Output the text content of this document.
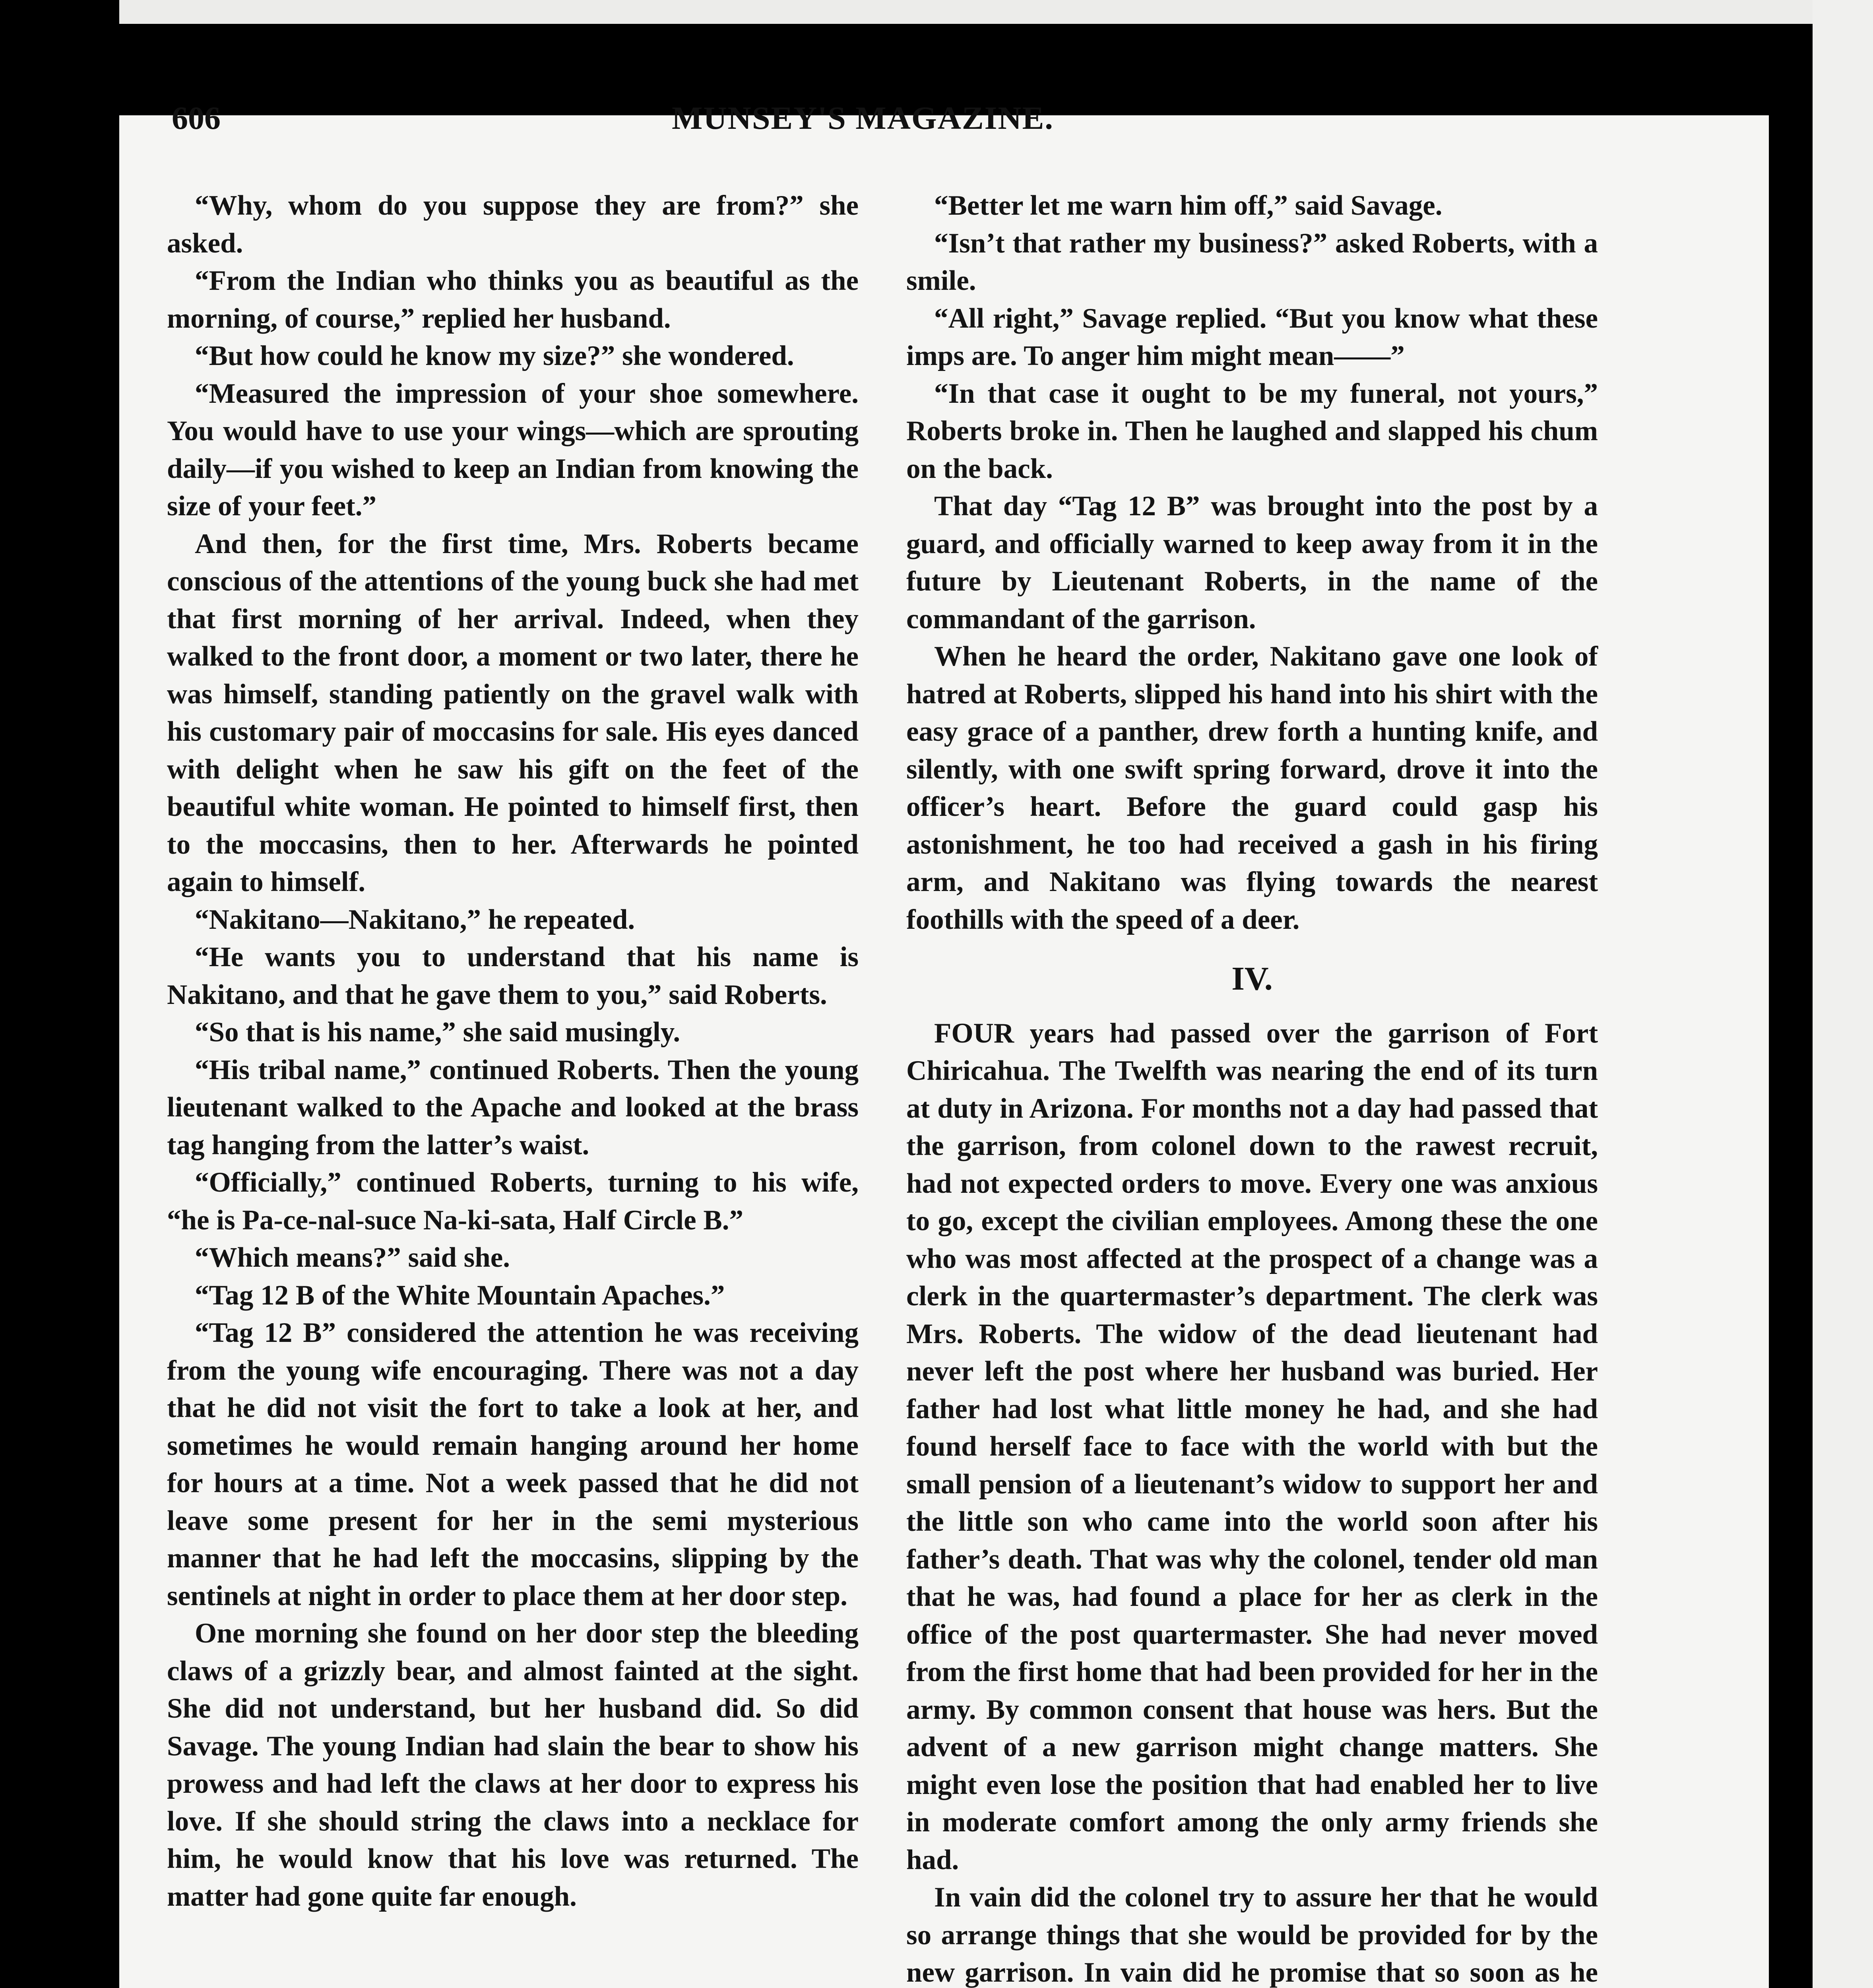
606	MUNSEY'S MAGAZINE.

“Why, whom do you suppose they are from?” she asked.

“From the Indian who thinks you as beautiful as the morning, of course,” replied her husband.

“But how could he know my size?” she wondered.

“Measured the impression of your shoe somewhere. You would have to use your wings—which are sprouting daily—if you wished to keep an Indian from knowing the size of your feet.”

And then, for the first time, Mrs. Roberts became conscious of the attentions of the young buck she had met that first morning of her arrival. Indeed, when they walked to the front door, a moment or two later, there he was himself, standing patiently on the gravel walk with his customary pair of moccasins for sale. His eyes danced with delight when he saw his gift on the feet of the beautiful white woman. He pointed to himself first, then to the moccasins, then to her. Afterwards he pointed again to himself.

“Nakitano—Nakitano,” he repeated.

“He wants you to understand that his name is Nakitano, and that he gave them to you,” said Roberts.

“So that is his name,” she said musingly.

“His tribal name,” continued Roberts. Then the young lieutenant walked to the Apache and looked at the brass tag hanging from the latter’s waist.

“Officially,” continued Roberts, turning to his wife, “he is Pa-ce-nal-suce Na-ki-sata, Half Circle B.”

“Which means?” said she.

“Tag 12 B of the White Mountain Apaches.”

“Tag 12 B” considered the attention he was receiving from the young wife encouraging. There was not a day that he did not visit the fort to take a look at her, and sometimes he would remain hanging around her home for hours at a time. Not a week passed that he did not leave some present for her in the semi mysterious manner that he had left the moccasins, slipping by the sentinels at night in order to place them at her door step.

One morning she found on her door step the bleeding claws of a grizzly bear, and almost fainted at the sight. She did not understand, but her husband did. So did Savage. The young Indian had slain the bear to show his prowess and had left the claws at her door to express his love. If she should string the claws into a necklace for him, he would know that his love was returned. The matter had gone quite far enough.

“Better let me warn him off,” said Savage.

“Isn’t that rather my business?” asked Roberts, with a smile.

“All right,” Savage replied. “But you know what these imps are. To anger him might mean——”

“In that case it ought to be my funeral, not yours,” Roberts broke in. Then he laughed and slapped his chum on the back.

That day “Tag 12 B” was brought into the post by a guard, and officially warned to keep away from it in the future by Lieutenant Roberts, in the name of the commandant of the garrison.

When he heard the order, Nakitano gave one look of hatred at Roberts, slipped his hand into his shirt with the easy grace of a panther, drew forth a hunting knife, and silently, with one swift spring forward, drove it into the officer’s heart. Before the guard could gasp his astonishment, he too had received a gash in his firing arm, and Nakitano was flying towards the nearest foothills with the speed of a deer.

IV.

FOUR years had passed over the garrison of Fort Chiricahua. The Twelfth was nearing the end of its turn at duty in Arizona. For months not a day had passed that the garrison, from colonel down to the rawest recruit, had not expected orders to move. Every one was anxious to go, except the civilian employees. Among these the one who was most affected at the prospect of a change was a clerk in the quartermaster’s department. The clerk was Mrs. Roberts. The widow of the dead lieutenant had never left the post where her husband was buried. Her father had lost what little money he had, and she had found herself face to face with the world with but the small pension of a lieutenant’s widow to support her and the little son who came into the world soon after his father’s death. That was why the colonel, tender old man that he was, had found a place for her as clerk in the office of the post quartermaster. She had never moved from the first home that had been provided for her in the army. By common consent that house was hers. But the advent of a new garrison might change matters. She might even lose the position that had enabled her to live in moderate comfort among the only army friends she had.

In vain did the colonel try to assure her that he would so arrange things that she would be provided for by the new garrison. In vain did he promise that so soon as he
